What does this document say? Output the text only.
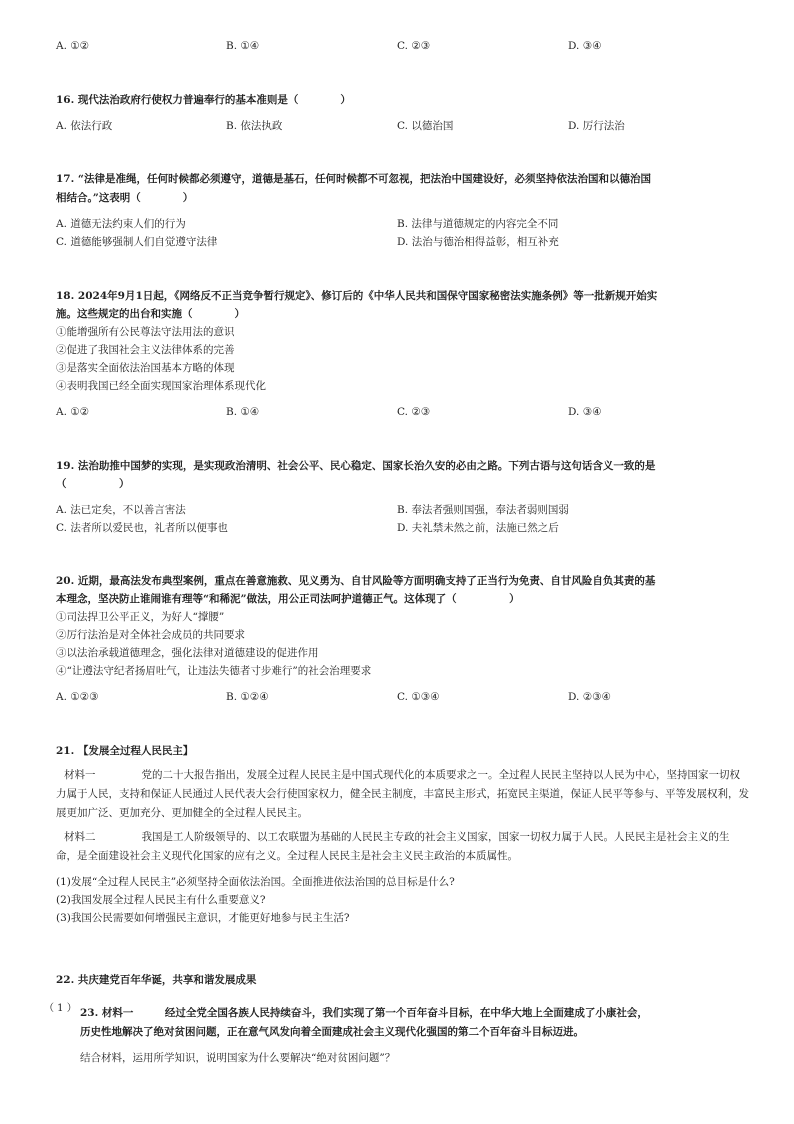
A. ①②	B. ①④	C. ②③	D. ③④
16. 现代法治政府行使权力普遍奉行的基本准则是（　　　　）
A. 依法行政	B. 依法执政	C. 以德治国	D. 厉行法治
17. “法律是准绳，任何时候都必须遵守，道德是基石，任何时候都不可忽视，把法治中国建设好，必须坚持依法治国和以德治国
相结合。”这表明（　　　　）
A. 道德无法约束人们的行为	B. 法律与道德规定的内容完全不同
C. 道德能够强制人们自觉遵守法律	D. 法治与德治相得益彰，相互补充
18. 2024年9月1日起，《网络反不正当竞争暂行规定》、修订后的《中华人民共和国保守国家秘密法实施条例》等一批新规开始实
施。这些规定的出台和实施（　　　　）
①能增强所有公民尊法守法用法的意识
②促进了我国社会主义法律体系的完善
③是落实全面依法治国基本方略的体现
④表明我国已经全面实现国家治理体系现代化
A. ①②	B. ①④	C. ②③	D. ③④
19. 法治助推中国梦的实现，是实现政治清明、社会公平、民心稳定、国家长治久安的必由之路。下列古语与这句话含义一致的是
（　　　　　）
A. 法已定矣，不以善言害法	B. 奉法者强则国强，奉法者弱则国弱
C. 法者所以爱民也，礼者所以便事也	D. 夫礼禁未然之前，法施已然之后
20. 近期，最高法发布典型案例，重点在善意施救、见义勇为、自甘风险等方面明确支持了正当行为免责、自甘风险自负其责的基
本理念，坚决防止谁闹谁有理等“和稀泥”做法，用公正司法呵护道德正气。这体现了（　　　　　）
①司法捍卫公平正义，为好人“撑腰”
②厉行法治是对全体社会成员的共同要求
③以法治承载道德理念，强化法律对道德建设的促进作用
④“让遵法守纪者扬眉吐气，让违法失德者寸步难行”的社会治理要求
A. ①②③	B. ①②④	C. ①③④	D. ②③④
21. 【发展全过程人民民主】
材料一	党的二十大报告指出，发展全过程人民民主是中国式现代化的本质要求之一。全过程人民民主坚持以人民为中心，坚持国家一切权力属于人民，支持和保证人民通过人民代表大会行使国家权力，健全民主制度，丰富民主形式，拓宽民主渠道，保证人民平等参与、平等发展权利，发展更加广泛、更加充分、更加健全的全过程人民民主。
材料二	我国是工人阶级领导的、以工农联盟为基础的人民民主专政的社会主义国家，国家一切权力属于人民。人民民主是社会主义的生命，是全面建设社会主义现代化国家的应有之义。全过程人民民主是社会主义民主政治的本质属性。
(1)发展“全过程人民民主”必须坚持全面依法治国。全面推进依法治国的总目标是什么?
(2)我国发展全过程人民民主有什么重要意义?
(3)我国公民需要如何增强民主意识，才能更好地参与民主生活?
22. 共庆建党百年华诞，共享和谐发展成果
（ 1 ） 23. 材料一　　　经过全党全国各族人民持续奋斗，我们实现了第一个百年奋斗目标，在中华大地上全面建成了小康社会，
历史性地解决了绝对贫困问题，正在意气风发向着全面建成社会主义现代化强国的第二个百年奋斗目标迈进。
结合材料，运用所学知识，说明国家为什么要解决“绝对贫困问题”？
